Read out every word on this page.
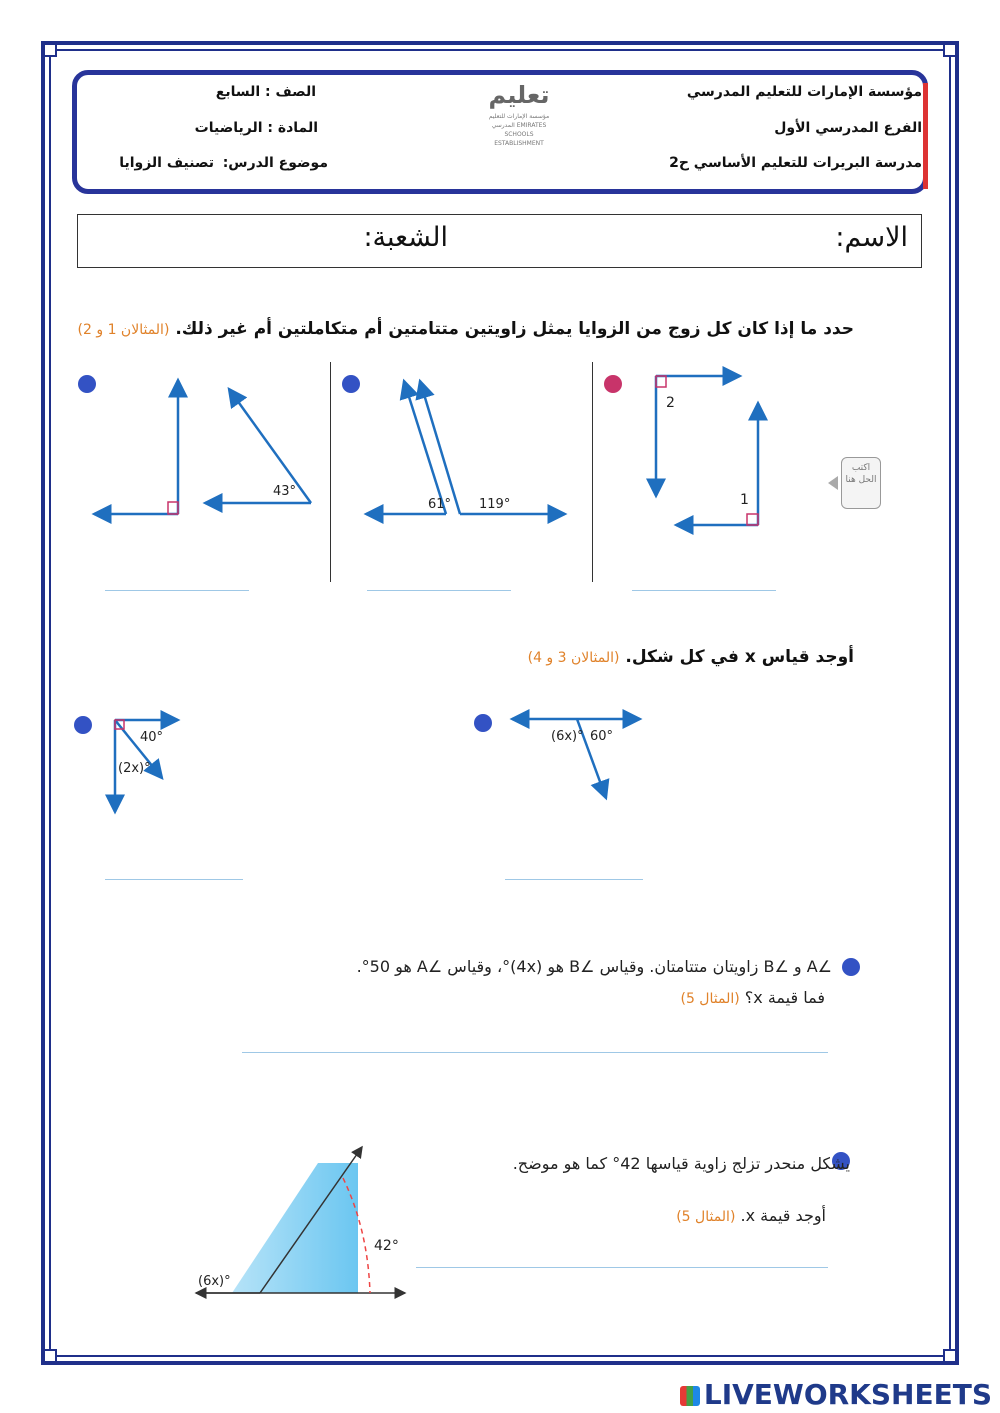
مؤسسة الإمارات للتعليم المدرسي
الفرع المدرسي الأول
مدرسة البريرات للتعليم الأساسي ح2
الصف : السابع
المادة : الرياضيات
موضوع الدرس:
تصنيف الزوايا
تعليم
مؤسسة الإمارات للتعليم المدرسي EMIRATES SCHOOLS ESTABLISHMENT
الاسم:
الشعبة:
حدد ما إذا كان كل زوج من الزوايا يمثل زاويتين متتامتين أم متكاملتين أم غير ذلك. (المثالان 1 و 2)
43°
61° 119°
2
1
40°
(2x)°
(6x)° 60°
42°
(6x)°
اكتب الحل هنا
أوجد قياس x في كل شكل. (المثالان 3 و 4)
∠A و ∠B زاويتان متتامتان. وقياس ∠B هو (4x)°، وقياس ∠A هو 50°.
فما قيمة x؟ (المثال 5)
يشكل منحدر تزلج زاوية قياسها 42° كما هو موضح.
أوجد قيمة x. (المثال 5)
LIVEWORKSHEETS
